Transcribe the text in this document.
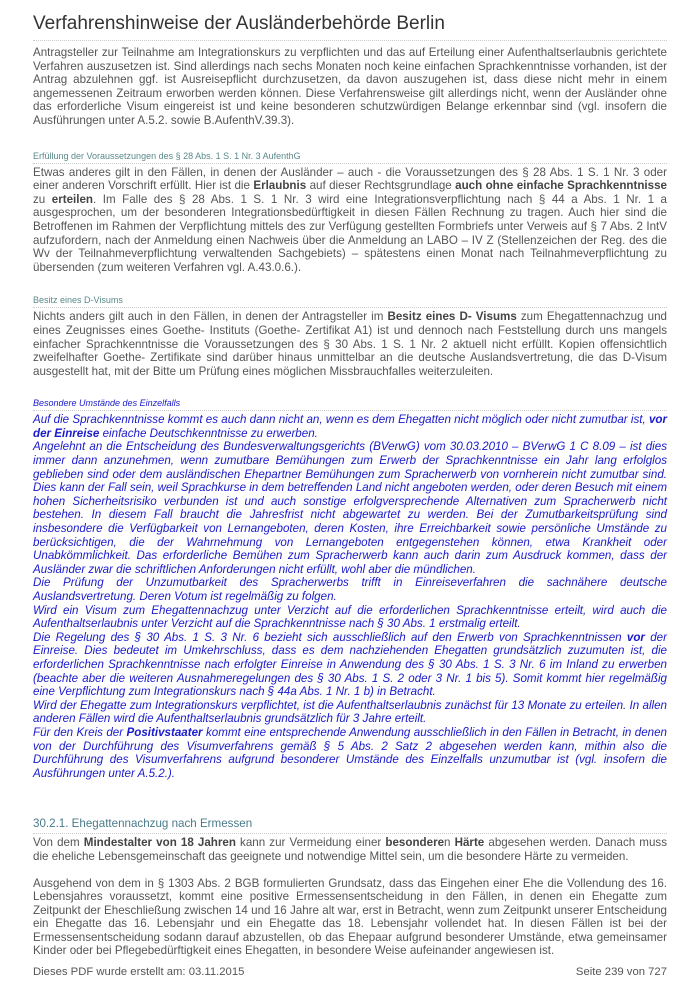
Verfahrenshinweise der Ausländerbehörde Berlin

Antragsteller zur Teilnahme am Integrationskurs zu verpflichten und das auf Erteilung einer Aufenthaltserlaubnis gerichtete Verfahren auszusetzen ist. Sind allerdings nach sechs Monaten noch keine einfachen Sprachkenntnisse vorhanden, ist der Antrag abzulehnen ggf. ist Ausreisepflicht durchzusetzen, da davon auszugehen ist, dass diese nicht mehr in einem angemessenen Zeitraum erworben werden können. Diese Verfahrensweise gilt allerdings nicht, wenn der Ausländer ohne das erforderliche Visum eingereist ist und keine besonderen schutzwürdigen Belange erkennbar sind (vgl. insofern die Ausführungen unter A.5.2. sowie B.AufenthV.39.3).

Erfüllung der Voraussetzungen des § 28 Abs. 1 S. 1 Nr. 3 AufenthG

Etwas anderes gilt in den Fällen, in denen der Ausländer – auch - die Voraussetzungen des § 28 Abs. 1 S. 1 Nr. 3 oder einer anderen Vorschrift erfüllt. Hier ist die Erlaubnis auf dieser Rechtsgrundlage auch ohne einfache Sprachkenntnisse zu erteilen. Im Falle des § 28 Abs. 1 S. 1 Nr. 3 wird eine Integrationsverpflichtung nach § 44 a Abs. 1 Nr. 1 a ausgesprochen, um der besonderen Integrationsbedürftigkeit in diesen Fällen Rechnung zu tragen. Auch hier sind die Betroffenen im Rahmen der Verpflichtung mittels des zur Verfügung gestellten Formbriefs unter Verweis auf § 7 Abs. 2 IntV aufzufordern, nach der Anmeldung einen Nachweis über die Anmeldung an LABO – IV Z (Stellenzeichen der Reg. des die Wv der Teilnahmeverpflichtung verwaltenden Sachgebiets) – spätestens einen Monat nach Teilnahmeverpflichtung zu übersenden (zum weiteren Verfahren vgl. A.43.0.6.).

Besitz eines D-Visums

Nichts anders gilt auch in den Fällen, in denen der Antragsteller im Besitz eines D- Visums zum Ehegattennachzug und eines Zeugnisses eines Goethe- Instituts (Goethe- Zertifikat A1) ist und dennoch nach Feststellung durch uns mangels einfacher Sprachkenntnisse die Voraussetzungen des § 30 Abs. 1 S. 1 Nr. 2 aktuell nicht erfüllt. Kopien offensichtlich zweifelhafter Goethe- Zertifikate sind darüber hinaus unmittelbar an die deutsche Auslandsvertretung, die das D-Visum ausgestellt hat, mit der Bitte um Prüfung eines möglichen Missbrauchfalles weiterzuleiten.

Besondere Umstände des Einzelfalls

Auf die Sprachkenntnisse kommt es auch dann nicht an, wenn es dem Ehegatten nicht möglich oder nicht zumutbar ist, vor der Einreise einfache Deutschkenntnisse zu erwerben.

Angelehnt an die Entscheidung des Bundesverwaltungsgerichts (BVerwG) vom 30.03.2010 – BVerwG 1 C 8.09 – ist dies immer dann anzunehmen, wenn zumutbare Bemühungen zum Erwerb der Sprachkenntnisse ein Jahr lang erfolglos geblieben sind oder dem ausländischen Ehepartner Bemühungen zum Spracherwerb von vornherein nicht zumutbar sind. Dies kann der Fall sein, weil Sprachkurse in dem betreffenden Land nicht angeboten werden, oder deren Besuch mit einem hohen Sicherheitsrisiko verbunden ist und auch sonstige erfolgversprechende Alternativen zum Spracherwerb nicht bestehen. In diesem Fall braucht die Jahresfrist nicht abgewartet zu werden. Bei der Zumutbarkeitsprüfung sind insbesondere die Verfügbarkeit von Lernangeboten, deren Kosten, ihre Erreichbarkeit sowie persönliche Umstände zu berücksichtigen, die der Wahrnehmung von Lernangeboten entgegenstehen können, etwa Krankheit oder Unabkömmlichkeit. Das erforderliche Bemühen zum Spracherwerb kann auch darin zum Ausdruck kommen, dass der Ausländer zwar die schriftlichen Anforderungen nicht erfüllt, wohl aber die mündlichen.

Die Prüfung der Unzumutbarkeit des Spracherwerbs trifft in Einreiseverfahren die sachnähere deutsche Auslandsvertretung. Deren Votum ist regelmäßig zu folgen.

Wird ein Visum zum Ehegattennachzug unter Verzicht auf die erforderlichen Sprachkenntnisse erteilt, wird auch die Aufenthaltserlaubnis unter Verzicht auf die Sprachkenntnisse nach § 30 Abs. 1 erstmalig erteilt.

Die Regelung des § 30 Abs. 1 S. 3 Nr. 6 bezieht sich ausschließlich auf den Erwerb von Sprachkenntnissen vor der Einreise. Dies bedeutet im Umkehrschluss, dass es dem nachziehenden Ehegatten grundsätzlich zuzumuten ist, die erforderlichen Sprachkenntnisse nach erfolgter Einreise in Anwendung des § 30 Abs. 1 S. 3 Nr. 6 im Inland zu erwerben (beachte aber die weiteren Ausnahmeregelungen des § 30 Abs. 1 S. 2 oder 3 Nr. 1 bis 5). Somit kommt hier regelmäßig eine Verpflichtung zum Integrationskurs nach § 44a Abs. 1 Nr. 1 b) in Betracht.

Wird der Ehegatte zum Integrationskurs verpflichtet, ist die Aufenthaltserlaubnis zunächst für 13 Monate zu erteilen. In allen anderen Fällen wird die Aufenthaltserlaubnis grundsätzlich für 3 Jahre erteilt.

Für den Kreis der Positivstaater kommt eine entsprechende Anwendung ausschließlich in den Fällen in Betracht, in denen von der Durchführung des Visumverfahrens gemäß § 5 Abs. 2 Satz 2 abgesehen werden kann, mithin also die Durchführung des Visumverfahrens aufgrund besonderer Umstände des Einzelfalls unzumutbar ist (vgl. insofern die Ausführungen unter A.5.2.).

30.2.1. Ehegattennachzug nach Ermessen

Von dem Mindestalter von 18 Jahren kann zur Vermeidung einer besonderen Härte abgesehen werden. Danach muss die eheliche Lebensgemeinschaft das geeignete und notwendige Mittel sein, um die besondere Härte zu vermeiden.

Ausgehend von dem in § 1303 Abs. 2 BGB formulierten Grundsatz, dass das Eingehen einer Ehe die Vollendung des 16. Lebensjahres voraussetzt, kommt eine positive Ermessensentscheidung in den Fällen, in denen ein Ehegatte zum Zeitpunkt der Eheschließung zwischen 14 und 16 Jahre alt war, erst in Betracht, wenn zum Zeitpunkt unserer Entscheidung ein Ehegatte das 16. Lebensjahr und ein Ehegatte das 18. Lebensjahr vollendet hat. In diesen Fällen ist bei der Ermessensentscheidung sodann darauf abzustellen, ob das Ehepaar aufgrund besonderer Umstände, etwa gemeinsamer Kinder oder bei Pflegebedürftigkeit eines Ehegatten, in besondere Weise aufeinander angewiesen ist.

Dieses PDF wurde erstellt am: 03.11.2015	Seite 239 von 727
